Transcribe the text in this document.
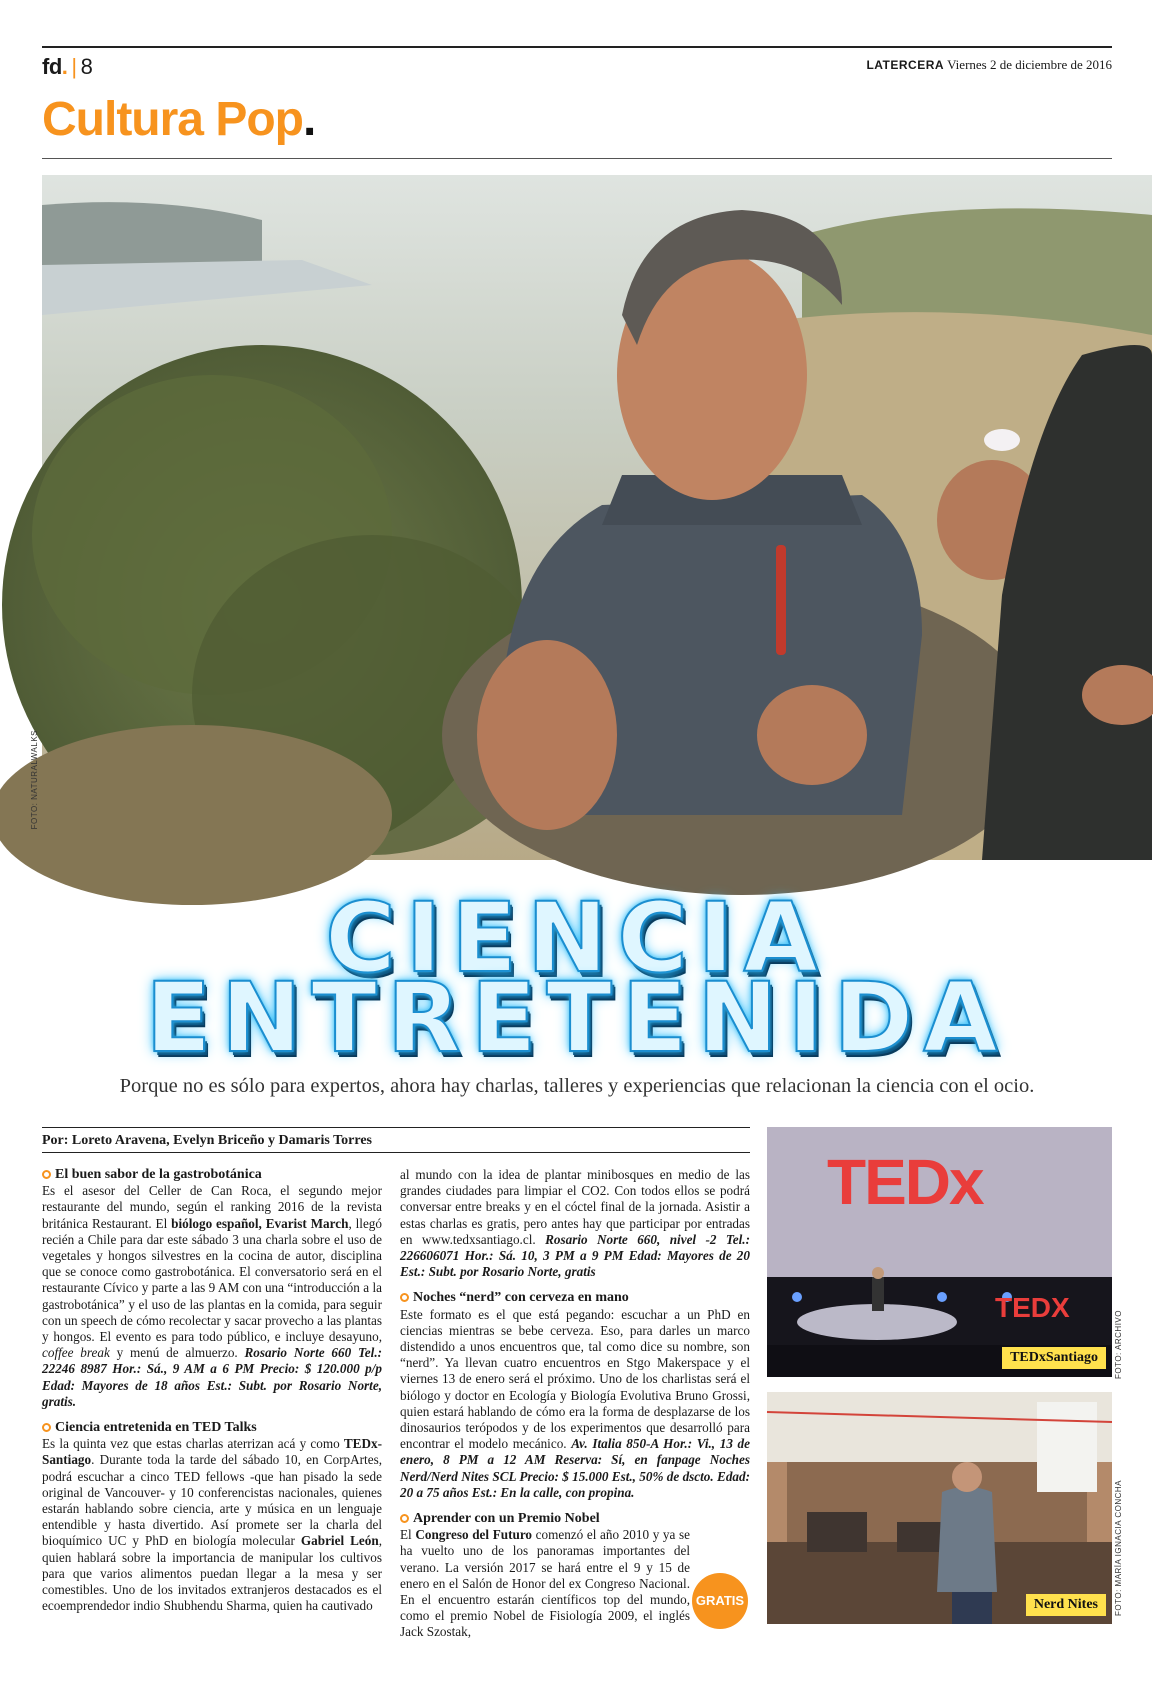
fd. | 8	LATERCERA Viernes 2 de diciembre de 2016
Cultura Pop.
FOTO: NATURALWALKS
CIENCIA
ENTRETENIDA
Porque no es sólo para expertos, ahora hay charlas, talleres y experiencias que relacionan la ciencia con el ocio.
Por: Loreto Aravena, Evelyn Briceño y Damaris Torres
El buen sabor de la gastrobotánica

Es el asesor del Celler de Can Roca, el segundo mejor restaurante del mundo, según el ranking 2016 de la revista británica Restaurant. El biólogo español, Evarist March, llegó recién a Chile para dar este sábado 3 una charla sobre el uso de vegetales y hongos silvestres en la cocina de autor, disciplina que se conoce como gastrobotánica. El conversatorio será en el restaurante Cívico y parte a las 9 AM con una “introducción a la gastrobotánica” y el uso de las plantas en la comida, para seguir con un speech de cómo recolectar y sacar provecho a las plantas y hongos. El evento es para todo público, e incluye desayuno, coffee break y menú de almuerzo. Rosario Norte 660 Tel.: 22246 8987 Hor.: Sá., 9 AM a 6 PM Precio: $ 120.000 p/p Edad: Mayores de 18 años Est.: Subt. por Rosario Norte, gratis.

Ciencia entretenida en TED Talks

Es la quinta vez que estas charlas aterrizan acá y como TEDx-Santiago. Durante toda la tarde del sábado 10, en CorpArtes, podrá escuchar a cinco TED fellows -que han pisado la sede original de Vancouver- y 10 conferencistas nacionales, quienes estarán hablando sobre ciencia, arte y música en un lenguaje entendible y hasta divertido. Así promete ser la charla del bioquímico UC y PhD en biología molecular Gabriel León, quien hablará sobre la importancia de manipular los cultivos para que varios alimentos puedan llegar a la mesa y ser comestibles. Uno de los invitados extranjeros destacados es el ecoemprendedor indio Shubhendu Sharma, quien ha cautivado

al mundo con la idea de plantar minibosques en medio de las grandes ciudades para limpiar el CO2. Con todos ellos se podrá conversar entre breaks y en el cóctel final de la jornada. Asistir a estas charlas es gratis, pero antes hay que participar por entradas en www.tedxsantiago.cl.

Rosario Norte 660, nivel -2 Tel.: 226606071 Hor.: Sá. 10, 3 PM a 9 PM Edad: Mayores de 20 Est.: Subt. por Rosario Norte, gratis

Noches “nerd” con cerveza en mano

Este formato es el que está pegando: escuchar a un PhD en ciencias mientras se bebe cerveza. Eso, para darles un marco distendido a unos encuentros que, tal como dice su nombre, son “nerd”. Ya llevan cuatro encuentros en Stgo Makerspace y el viernes 13 de enero será el próximo. Uno de los charlistas será el biólogo y doctor en Ecología y Biología Evolutiva Bruno Grossi, quien estará hablando de cómo era la forma de desplazarse de los dinosaurios terópodos y de los experimentos que desarrolló para encontrar el modelo mecánico. Av. Italia 850-A Hor.: Vi., 13 de enero, 8 PM a 12 AM Reserva: Sí, en fanpage Noches Nerd/Nerd Nites SCL Precio: $ 15.000 Est., 50% de dscto. Edad: 20 a 75 años Est.: En la calle, con propina.

Aprender con un Premio Nobel

El Congreso del Futuro comenzó el año 2010 y ya se ha vuelto uno de los panoramas importantes del verano. La versión 2017 se hará entre el 9 y 15 de enero en el Salón de Honor del ex Congreso Nacional. En el encuentro estarán científicos top del mundo, como el premio Nobel de Fisiología 2009, el inglés Jack Szostak,

GRATIS
TEDx
TEDX
TEDxSantiago	FOTO: ARCHIVO
Nerd Nites	FOTO: MARÍA IGNACIA CONCHA
